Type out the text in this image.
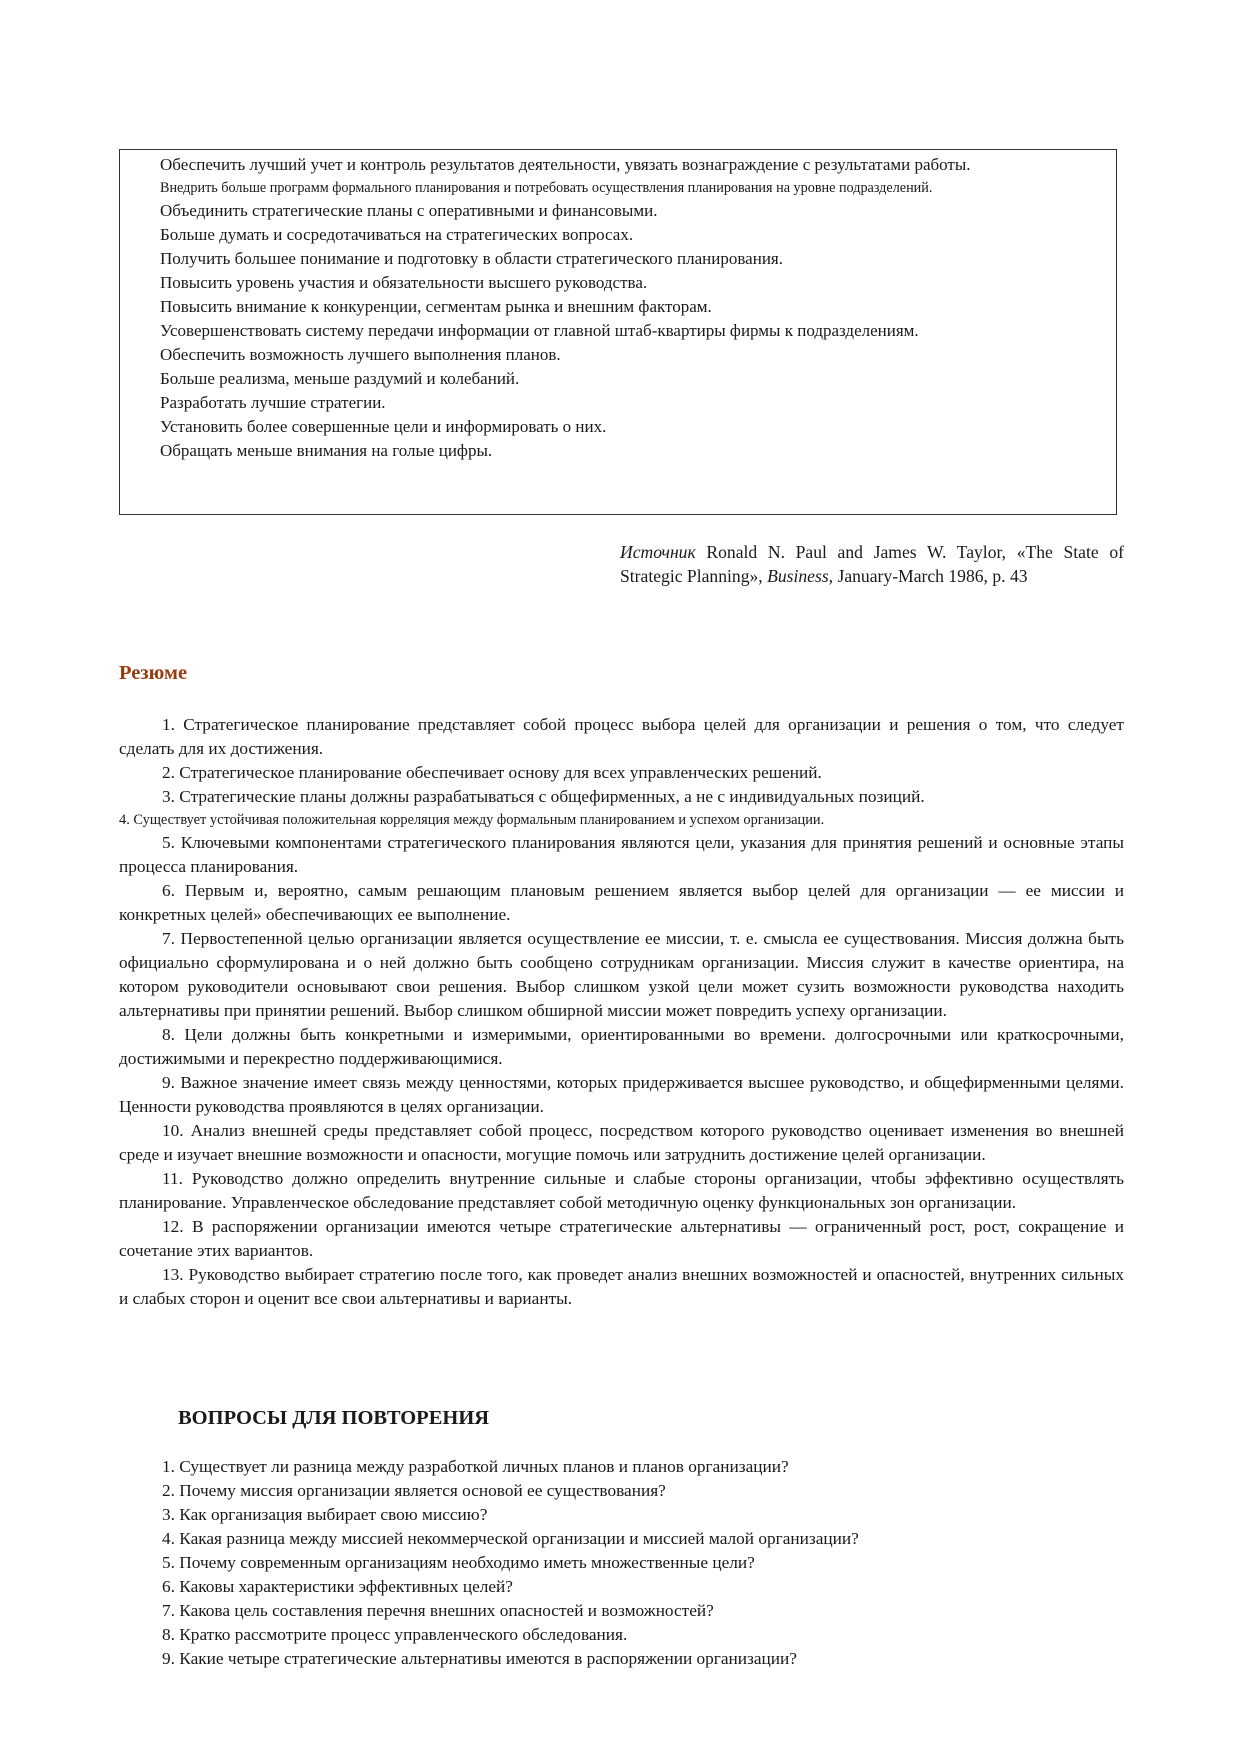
Обеспечить лучший учет и контроль результатов деятельности, увязать вознаграждение с результатами работы.

Внедрить больше программ формального планирования и потребовать осуществления планирования на уровне подразделений.

Объединить стратегические планы с оперативными и финансовыми.

Больше думать и сосредотачиваться на стратегических вопросах.

Получить большее понимание и подготовку в области стратегического планирования.

Повысить уровень участия и обязательности высшего руководства.

Повысить внимание к конкуренции, сегментам рынка и внешним факторам.

Усовершенствовать систему передачи информации от главной штаб-квартиры фирмы к подразделениям.

Обеспечить возможность лучшего выполнения планов.

Больше реализма, меньше раздумий и колебаний.

Разработать лучшие стратегии.

Установить более совершенные цели и информировать о них.

Обращать меньше внимания на голые цифры.

Источник Ronald N. Paul and James W. Taylor, «The State of Strategic Planning», Business, January-March 1986, p. 43

Резюме

1. Стратегическое планирование представляет собой процесс выбора целей для организации и решения о том, что следует сделать для их достижения.

2. Стратегическое планирование обеспечивает основу для всех управленческих решений.

3. Стратегические планы должны разрабатываться с общефирменных, а не с индивидуальных позиций.

4. Существует устойчивая положительная корреляция между формальным планированием и успехом организации.

5. Ключевыми компонентами стратегического планирования являются цели, указания для принятия решений и основные этапы процесса планирования.

6. Первым и, вероятно, самым решающим плановым решением является выбор целей для организации — ее миссии и конкретных целей» обеспечивающих ее выполнение.

7. Первостепенной целью организации является осуществление ее миссии, т. е. смысла ее существования. Миссия должна быть официально сформулирована и о ней должно быть сообщено сотрудникам организации. Миссия служит в качестве ориентира, на котором руководители основывают свои решения. Выбор слишком узкой цели может сузить возможности руководства находить альтернативы при принятии решений. Выбор слишком обширной миссии может повредить успеху организации.

8. Цели должны быть конкретными и измеримыми, ориентированными во времени. долгосрочными или краткосрочными, достижимыми и перекрестно поддерживающимися.

9. Важное значение имеет связь между ценностями, которых придерживается высшее руководство, и общефирменными целями. Ценности руководства проявляются в целях организации.

10. Анализ внешней среды представляет собой процесс, посредством которого руководство оценивает изменения во внешней среде и изучает внешние возможности и опасности, могущие помочь или затруднить достижение целей организации.

11. Руководство должно определить внутренние сильные и слабые стороны организации, чтобы эффективно осуществлять планирование. Управленческое обследование представляет собой методичную оценку функциональных зон организации.

12. В распоряжении организации имеются четыре стратегические альтернативы — ограниченный рост, рост, сокращение и сочетание этих вариантов.

13. Руководство выбирает стратегию после того, как проведет анализ внешних возможностей и опасностей, внутренних сильных и слабых сторон и оценит все свои альтернативы и варианты.

ВОПРОСЫ ДЛЯ ПОВТОРЕНИЯ
1. Существует ли разница между разработкой личных планов и планов организации?
2. Почему миссия организации является основой ее существования?
3. Как организация выбирает свою миссию?
4. Какая разница между миссией некоммерческой организации и миссией малой организации?
5. Почему современным организациям необходимо иметь множественные цели?
6. Каковы характеристики эффективных целей?
7. Какова цель составления перечня внешних опасностей и возможностей?
8. Кратко рассмотрите процесс управленческого обследования.
9. Какие четыре стратегические альтернативы имеются в распоряжении организации?
